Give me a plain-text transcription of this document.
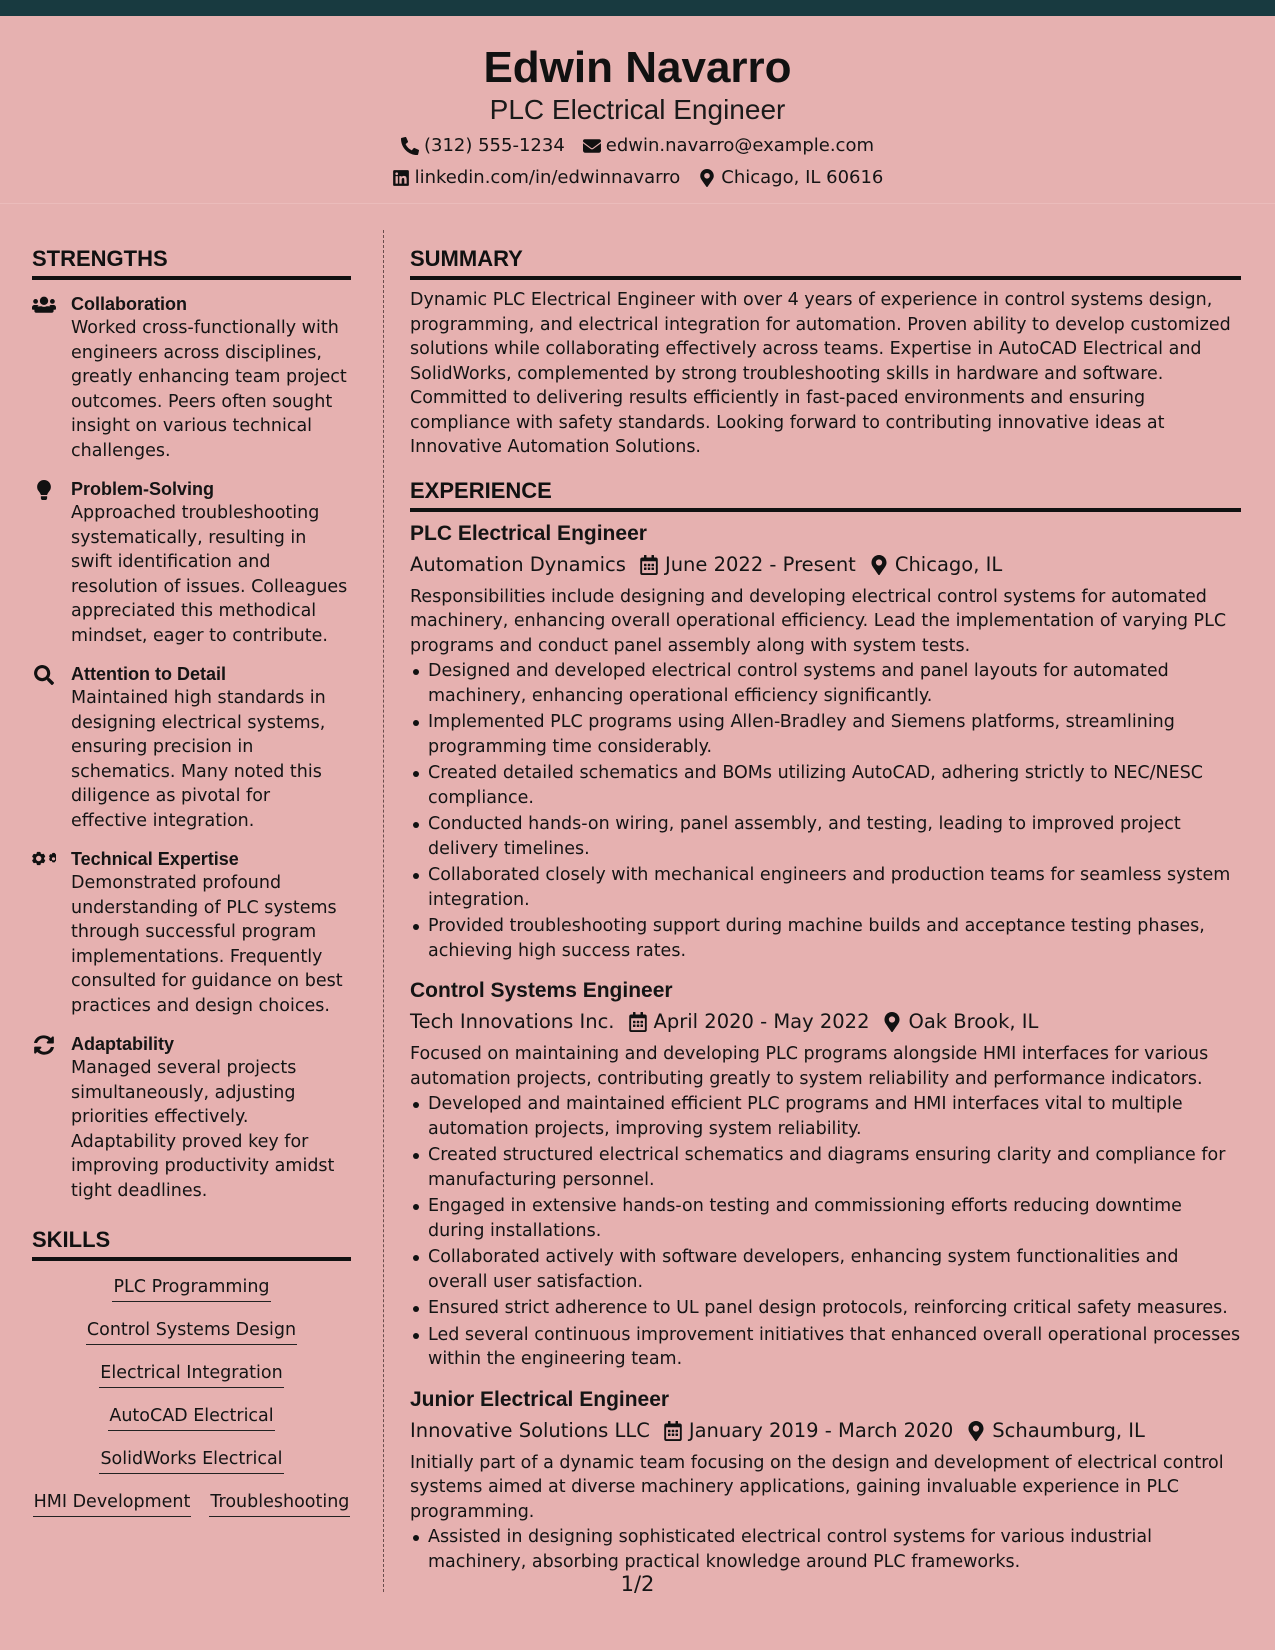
Edwin Navarro
PLC Electrical Engineer
(312) 555-1234 edwin.navarro@example.com
linkedin.com/in/edwinnavarro Chicago, IL 60616
STRENGTHS
Collaboration
Worked cross-functionally with engineers across disciplines, greatly enhancing team project outcomes. Peers often sought insight on various technical challenges.
Problem-Solving
Approached troubleshooting systematically, resulting in swift identification and resolution of issues. Colleagues appreciated this methodical mindset, eager to contribute.
Attention to Detail
Maintained high standards in designing electrical systems, ensuring precision in schematics. Many noted this diligence as pivotal for effective integration.
Technical Expertise
Demonstrated profound understanding of PLC systems through successful program implementations. Frequently consulted for guidance on best practices and design choices.
Adaptability
Managed several projects simultaneously, adjusting priorities effectively. Adaptability proved key for improving productivity amidst tight deadlines.
SKILLS
PLC Programming
Control Systems Design
Electrical Integration
AutoCAD Electrical
SolidWorks Electrical
HMI Development Troubleshooting
SUMMARY
Dynamic PLC Electrical Engineer with over 4 years of experience in control systems design, programming, and electrical integration for automation. Proven ability to develop customized solutions while collaborating effectively across teams. Expertise in AutoCAD Electrical and SolidWorks, complemented by strong troubleshooting skills in hardware and software. Committed to delivering results efficiently in fast-paced environments and ensuring compliance with safety standards. Looking forward to contributing innovative ideas at Innovative Automation Solutions.
EXPERIENCE
PLC Electrical Engineer
Automation Dynamics June 2022 - Present Chicago, IL
Responsibilities include designing and developing electrical control systems for automated machinery, enhancing overall operational efficiency. Lead the implementation of varying PLC programs and conduct panel assembly along with system tests.
Designed and developed electrical control systems and panel layouts for automated machinery, enhancing operational efficiency significantly.
Implemented PLC programs using Allen-Bradley and Siemens platforms, streamlining programming time considerably.
Created detailed schematics and BOMs utilizing AutoCAD, adhering strictly to NEC/NESC compliance.
Conducted hands-on wiring, panel assembly, and testing, leading to improved project delivery timelines.
Collaborated closely with mechanical engineers and production teams for seamless system integration.
Provided troubleshooting support during machine builds and acceptance testing phases, achieving high success rates.
Control Systems Engineer
Tech Innovations Inc. April 2020 - May 2022 Oak Brook, IL
Focused on maintaining and developing PLC programs alongside HMI interfaces for various automation projects, contributing greatly to system reliability and performance indicators.
Developed and maintained efficient PLC programs and HMI interfaces vital to multiple automation projects, improving system reliability.
Created structured electrical schematics and diagrams ensuring clarity and compliance for manufacturing personnel.
Engaged in extensive hands-on testing and commissioning efforts reducing downtime during installations.
Collaborated actively with software developers, enhancing system functionalities and overall user satisfaction.
Ensured strict adherence to UL panel design protocols, reinforcing critical safety measures.
Led several continuous improvement initiatives that enhanced overall operational processes within the engineering team.
Junior Electrical Engineer
Innovative Solutions LLC January 2019 - March 2020 Schaumburg, IL
Initially part of a dynamic team focusing on the design and development of electrical control systems aimed at diverse machinery applications, gaining invaluable experience in PLC programming.
Assisted in designing sophisticated electrical control systems for various industrial machinery, absorbing practical knowledge around PLC frameworks.
1/2
